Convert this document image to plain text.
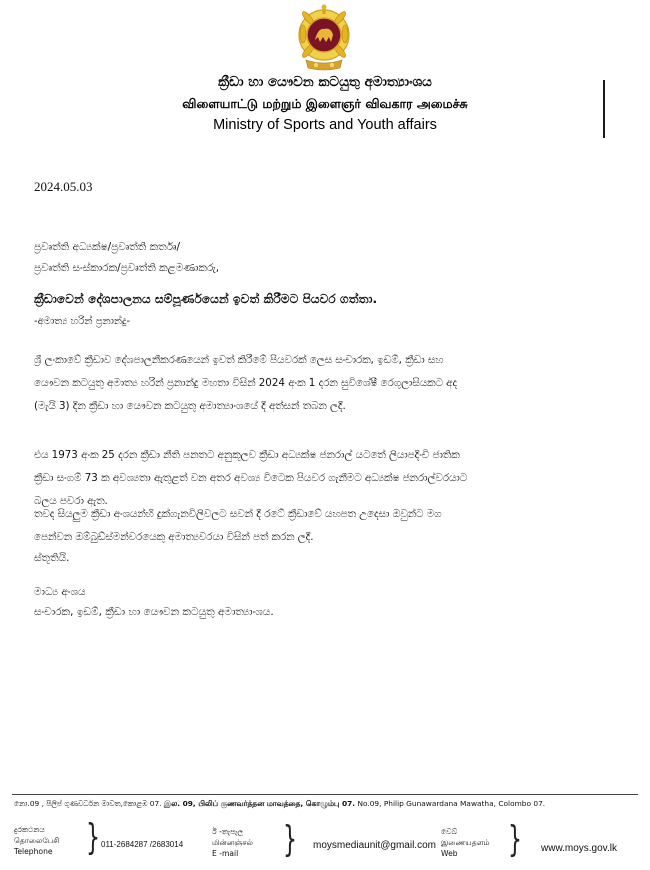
ක්‍රීඩා හා යෞවන කටයුතු අමාත්‍යාංශය
விளையாட்டு மற்றும் இளைஞர் விவகார அமைச்சு
Ministry of Sports and Youth affairs
2024.05.03
ප්‍රවෘත්ති අධ්‍යක්ෂ/ප්‍රවෘත්ති කර්තෘ/
ප්‍රවෘත්ති සංස්කාරක/ප්‍රවෘත්ති කළමණාකරු,
ක්‍රීඩාවෙන් දේශපාලනය සම්පූර්ණයෙන් ඉවත් කිරීමට පියවර ගත්තා.
-අමාත්‍ය හරින් ප්‍රනාන්දු-
ශ්‍රී ලංකාවේ ක්‍රීඩාව දේශපාලනීකරණයෙන් ඉවත් කිරීමේ පියවරක් ලෙස සංචාරක, ඉඩම්, ක්‍රීඩා සහ
යෞවන කටයුතු අමාත්‍ය හරින් ප්‍රනාන්දු මහතා විසින් 2024 අංක 1 දරන සුවිශේෂී රෙගුලාසියකට අද
(මැයි 3) දින ක්‍රීඩා හා යෞවන කටයුතු අමාත්‍යාංශයේ දී අත්සන් තබන ලදී.
එය 1973 අංක 25 දරන ක්‍රීඩා නීති පනතට අනුකූලව ක්‍රීඩා අධ්‍යක්ෂ ජනරාල් යටතේ ලියාපදිංචි ජාතික
ක්‍රීඩා සංගම් 73 ක අවශ්‍යතා ඇතුළත් වන අතර අවශ්‍ය විටෙක පියවර ගැනීමට අධ්‍යක්ෂ ජනරාල්වරයාට
බලය පවරා ඇත.
තවද සියලුම ක්‍රීඩා අංශයන්හි දුක්ගැනවිලිවලට සවන් දී රටේ ක්‍රීඩාවේ යහපත උදෙසා ඔවුන්ට මග
පෙන්වන ඔම්බුඩ්ස්මන්වරයෙකු අමාත්‍යවරයා විසින් පත් කරන ලදී.
ස්තූතියි.
මාධ්‍ය අංශය
සංචාරක, ඉඩම්, ක්‍රීඩා හා යෞවන කටයුතු අමාත්‍යාංශය.
නො.09 , පිලිප් ගුණවර්ධන මාවත,කොළඹ 07. இல. 09, பிலிப் குணவர்த்தன மாவத்தை, கொழும்பு 07. No.09, Philip Gunawardana Mawatha, Colombo 07.
දුරකථනය
தொலைபேசி
Telephone	} 011-2684287 /2683014
ඊ -තැපැල
மின்னஞ்சல்
E -mail	} moysmediaunit@gmail.com
වෙබ්
இணையதளம்
Web	} www.moys.gov.lk
